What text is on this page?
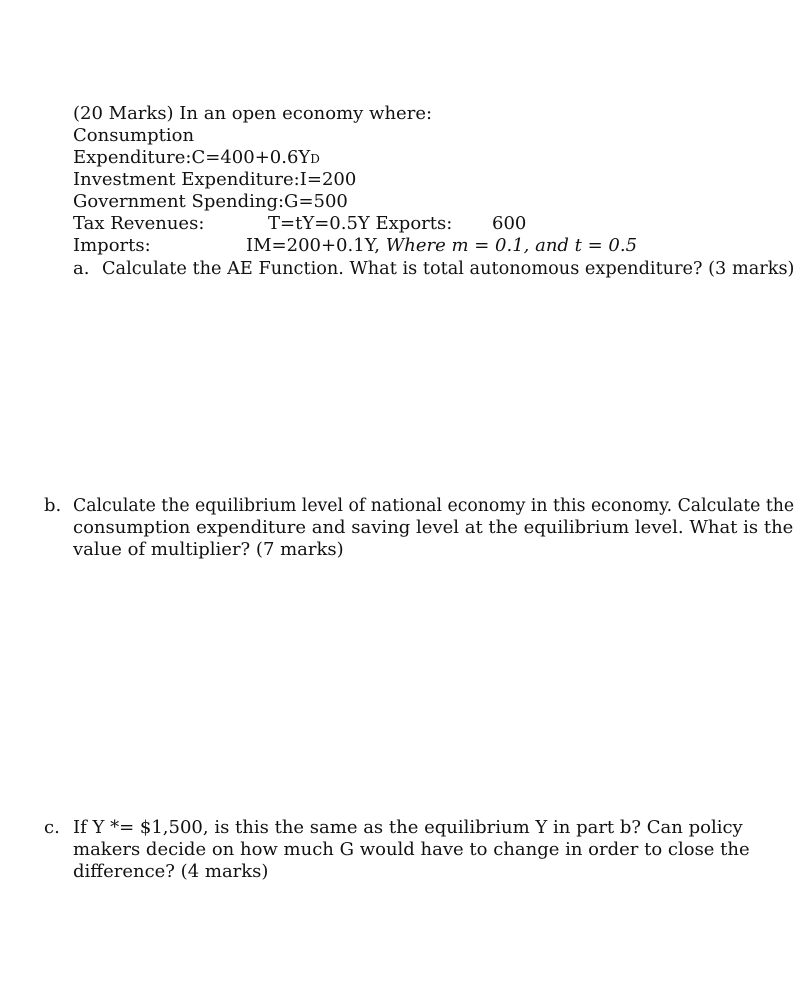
(20 Marks) In an open economy where:
Consumption
Expenditure:C=400+0.6YD
Investment Expenditure:I=200
Government Spending:G=500
Tax Revenues:	T=tY=0.5Y Exports: 600
Imports:	IM=200+0.1Y, Where m = 0.1, and t = 0.5
a. Calculate the AE Function. What is total autonomous expenditure? (3 marks)
b. Calculate the equilibrium level of national economy in this economy. Calculate the
consumption expenditure and saving level at the equilibrium level. What is the
value of multiplier? (7 marks)
c. If Y *= $1,500, is this the same as the equilibrium Y in part b? Can policy
makers decide on how much G would have to change in order to close the
difference? (4 marks)
